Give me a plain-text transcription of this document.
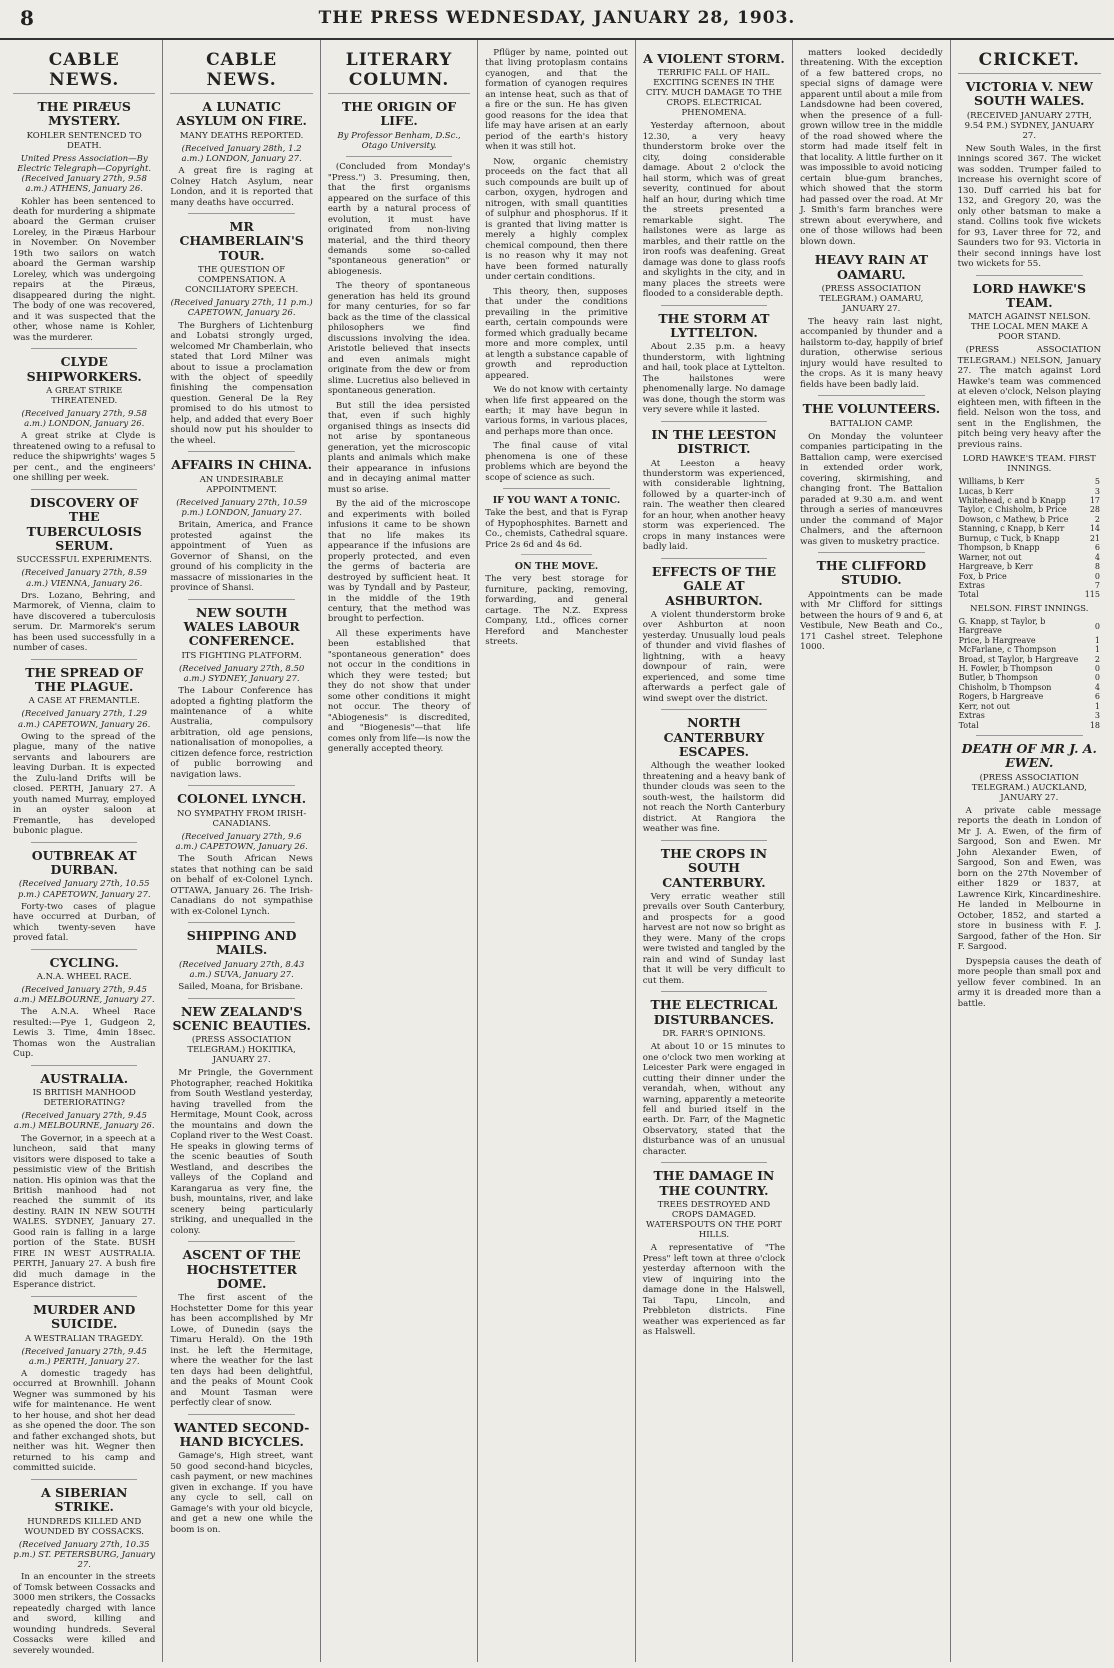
8	THE PRESS WEDNESDAY, JANUARY 28, 1903.
CABLE NEWS.
THE PIRÆUS MYSTERY.
KOHLER SENTENCED TO DEATH.
United Press Association—By Electric Telegraph—Copyright. (Received January 27th, 9.58 a.m.) ATHENS, January 26.

Kohler has been sentenced to death for murdering a shipmate aboard the German cruiser Loreley, in the Piræus Harbour in November. On November 19th two sailors on watch aboard the German warship Loreley, which was undergoing repairs at the Piræus, disappeared during the night. The body of one was recovered, and it was suspected that the other, whose name is Kohler, was the murderer.

CLYDE SHIPWORKERS.
A GREAT STRIKE THREATENED.
(Received January 27th, 9.58 a.m.) LONDON, January 26.

A great strike at Clyde is threatened owing to a refusal to reduce the shipwrights' wages 5 per cent., and the engineers' one shilling per week.

DISCOVERY OF THE TUBERCULOSIS SERUM.
SUCCESSFUL EXPERIMENTS.
(Received January 27th, 8.59 a.m.) VIENNA, January 26.

Drs. Lozano, Behring, and Marmorek, of Vienna, claim to have discovered a tuberculosis serum. Dr. Marmorek's serum has been used successfully in a number of cases.

THE SPREAD OF THE PLAGUE.
A CASE AT FREMANTLE.
(Received January 27th, 1.29 a.m.) CAPETOWN, January 26.

Owing to the spread of the plague, many of the native servants and labourers are leaving Durban. It is expected the Zulu-land Drifts will be closed. PERTH, January 27. A youth named Murray, employed in an oyster saloon at Fremantle, has developed bubonic plague.

OUTBREAK AT DURBAN.
(Received January 27th, 10.55 p.m.) CAPETOWN, January 27.

Forty-two cases of plague have occurred at Durban, of which twenty-seven have proved fatal.

CYCLING.
A.N.A. WHEEL RACE.
(Received January 27th, 9.45 a.m.) MELBOURNE, January 27.

The A.N.A. Wheel Race resulted:—Pye 1, Gudgeon 2, Lewis 3. Time, 4min 18sec. Thomas won the Australian Cup.

AUSTRALIA.
IS BRITISH MANHOOD DETERIORATING?
(Received January 27th, 9.45 a.m.) MELBOURNE, January 26.

The Governor, in a speech at a luncheon, said that many visitors were disposed to take a pessimistic view of the British nation. His opinion was that the British manhood had not reached the summit of its destiny. RAIN IN NEW SOUTH WALES. SYDNEY, January 27. Good rain is falling in a large portion of the State. BUSH FIRE IN WEST AUSTRALIA. PERTH, January 27. A bush fire did much damage in the Esperance district.

MURDER AND SUICIDE.
A WESTRALIAN TRAGEDY.
(Received January 27th, 9.45 a.m.) PERTH, January 27.

A domestic tragedy has occurred at Brownhill. Johann Wegner was summoned by his wife for maintenance. He went to her house, and shot her dead as she opened the door. The son and father exchanged shots, but neither was hit. Wegner then returned to his camp and committed suicide.

A SIBERIAN STRIKE.
HUNDREDS KILLED AND WOUNDED BY COSSACKS.
(Received January 27th, 10.35 p.m.) ST. PETERSBURG, January 27.

In an encounter in the streets of Tomsk between Cossacks and 3000 men strikers, the Cossacks repeatedly charged with lance and sword, killing and wounding hundreds. Several Cossacks were killed and severely wounded.

CABLE NEWS.
A LUNATIC ASYLUM ON FIRE.
MANY DEATHS REPORTED.
(Received January 28th, 1.2 a.m.) LONDON, January 27.

A great fire is raging at Colney Hatch Asylum, near London, and it is reported that many deaths have occurred.

MR CHAMBERLAIN'S TOUR.
THE QUESTION OF COMPENSATION. A CONCILIATORY SPEECH.
(Received January 27th, 11 p.m.) CAPETOWN, January 26.

The Burghers of Lichtenburg and Lobatsi strongly urged, welcomed Mr Chamberlain, who stated that Lord Milner was about to issue a proclamation with the object of speedily finishing the compensation question. General De la Rey promised to do his utmost to help, and added that every Boer should now put his shoulder to the wheel.

AFFAIRS IN CHINA.
AN UNDESIRABLE APPOINTMENT.
(Received January 27th, 10.59 p.m.) LONDON, January 27.

Britain, America, and France protested against the appointment of Yuen as Governor of Shansi, on the ground of his complicity in the massacre of missionaries in the province of Shansi.

NEW SOUTH WALES LABOUR CONFERENCE.
ITS FIGHTING PLATFORM.
(Received January 27th, 8.50 a.m.) SYDNEY, January 27.

The Labour Conference has adopted a fighting platform the maintenance of a white Australia, compulsory arbitration, old age pensions, nationalisation of monopolies, a citizen defence force, restriction of public borrowing and navigation laws.

COLONEL LYNCH.
NO SYMPATHY FROM IRISH-CANADIANS.
(Received January 27th, 9.6 a.m.) CAPETOWN, January 26.

The South African News states that nothing can be said on behalf of ex-Colonel Lynch. OTTAWA, January 26. The Irish-Canadians do not sympathise with ex-Colonel Lynch.

SHIPPING AND MAILS.
(Received January 27th, 8.43 a.m.) SUVA, January 27.

Sailed, Moana, for Brisbane.

NEW ZEALAND'S SCENIC BEAUTIES.
(PRESS ASSOCIATION TELEGRAM.) HOKITIKA, JANUARY 27.

Mr Pringle, the Government Photographer, reached Hokitika from South Westland yesterday, having travelled from the Hermitage, Mount Cook, across the mountains and down the Copland river to the West Coast. He speaks in glowing terms of the scenic beauties of South Westland, and describes the valleys of the Copland and Karangarua as very fine, the bush, mountains, river, and lake scenery being particularly striking, and unequalled in the colony.

ASCENT OF THE HOCHSTETTER DOME.

The first ascent of the Hochstetter Dome for this year has been accomplished by Mr Lowe, of Dunedin (says the Timaru Herald). On the 19th inst. he left the Hermitage, where the weather for the last ten days had been delightful, and the peaks of Mount Cook and Mount Tasman were perfectly clear of snow.

WANTED SECOND-HAND BICYCLES.

Gamage's, High street, want 50 good second-hand bicycles, cash payment, or new machines given in exchange. If you have any cycle to sell, call on Gamage's with your old bicycle, and get a new one while the boom is on.

LITERARY COLUMN.
THE ORIGIN OF LIFE.
By Professor Benham, D.Sc., Otago University.

(Concluded from Monday's "Press.") 3. Presuming, then, that the first organisms appeared on the surface of this earth by a natural process of evolution, it must have originated from non-living material, and the third theory demands some so-called "spontaneous generation" or abiogenesis.

The theory of spontaneous generation has held its ground for many centuries, for so far back as the time of the classical philosophers we find discussions involving the idea. Aristotle believed that insects and even animals might originate from the dew or from slime. Lucretius also believed in spontaneous generation.

But still the idea persisted that, even if such highly organised things as insects did not arise by spontaneous generation, yet the microscopic plants and animals which make their appearance in infusions and in decaying animal matter must so arise.

By the aid of the microscope and experiments with boiled infusions it came to be shown that no life makes its appearance if the infusions are properly protected, and even the germs of bacteria are destroyed by sufficient heat. It was by Tyndall and by Pasteur, in the middle of the 19th century, that the method was brought to perfection.

All these experiments have been established that "spontaneous generation" does not occur in the conditions in which they were tested; but they do not show that under some other conditions it might not occur. The theory of "Abiogenesis" is discredited, and "Biogenesis"—that life comes only from life—is now the generally accepted theory.

Pflüger by name, pointed out that living protoplasm contains cyanogen, and that the formation of cyanogen requires an intense heat, such as that of a fire or the sun. He has given good reasons for the idea that life may have arisen at an early period of the earth's history when it was still hot.

Now, organic chemistry proceeds on the fact that all such compounds are built up of carbon, oxygen, hydrogen and nitrogen, with small quantities of sulphur and phosphorus. If it is granted that living matter is merely a highly complex chemical compound, then there is no reason why it may not have been formed naturally under certain conditions.

This theory, then, supposes that under the conditions prevailing in the primitive earth, certain compounds were formed which gradually became more and more complex, until at length a substance capable of growth and reproduction appeared.

We do not know with certainty when life first appeared on the earth; it may have begun in various forms, in various places, and perhaps more than once.

The final cause of vital phenomena is one of these problems which are beyond the scope of science as such.

IF YOU WANT A TONIC.

Take the best, and that is Fyrap of Hypophosphites. Barnett and Co., chemists, Cathedral square. Price 2s 6d and 4s 6d.

ON THE MOVE.

The very best storage for furniture, packing, removing, forwarding, and general cartage. The N.Z. Express Company, Ltd., offices corner Hereford and Manchester streets.

A VIOLENT STORM.
TERRIFIC FALL OF HAIL. EXCITING SCENES IN THE CITY. MUCH DAMAGE TO THE CROPS. ELECTRICAL PHENOMENA.

Yesterday afternoon, about 12.30, a very heavy thunderstorm broke over the city, doing considerable damage. About 2 o'clock the hail storm, which was of great severity, continued for about half an hour, during which time the streets presented a remarkable sight. The hailstones were as large as marbles, and their rattle on the iron roofs was deafening. Great damage was done to glass roofs and skylights in the city, and in many places the streets were flooded to a considerable depth.

THE STORM AT LYTTELTON.

About 2.35 p.m. a heavy thunderstorm, with lightning and hail, took place at Lyttelton. The hailstones were phenomenally large. No damage was done, though the storm was very severe while it lasted.

IN THE LEESTON DISTRICT.

At Leeston a heavy thunderstorm was experienced, with considerable lightning, followed by a quarter-inch of rain. The weather then cleared for an hour, when another heavy storm was experienced. The crops in many instances were badly laid.

EFFECTS OF THE GALE AT ASHBURTON.

A violent thunderstorm broke over Ashburton at noon yesterday. Unusually loud peals of thunder and vivid flashes of lightning, with a heavy downpour of rain, were experienced, and some time afterwards a perfect gale of wind swept over the district.

NORTH CANTERBURY ESCAPES.

Although the weather looked threatening and a heavy bank of thunder clouds was seen to the south-west, the hailstorm did not reach the North Canterbury district. At Rangiora the weather was fine.

THE CROPS IN SOUTH CANTERBURY.

Very erratic weather still prevails over South Canterbury, and prospects for a good harvest are not now so bright as they were. Many of the crops were twisted and tangled by the rain and wind of Sunday last that it will be very difficult to cut them.

THE ELECTRICAL DISTURBANCES.
DR. FARR'S OPINIONS.

At about 10 or 15 minutes to one o'clock two men working at Leicester Park were engaged in cutting their dinner under the verandah, when, without any warning, apparently a meteorite fell and buried itself in the earth. Dr. Farr, of the Magnetic Observatory, stated that the disturbance was of an unusual character.

THE DAMAGE IN THE COUNTRY.
TREES DESTROYED AND CROPS DAMAGED. WATERSPOUTS ON THE PORT HILLS.

A representative of "The Press" left town at three o'clock yesterday afternoon with the view of inquiring into the damage done in the Halswell, Tai Tapu, Lincoln, and Prebbleton districts. Fine weather was experienced as far as Halswell.

matters looked decidedly threatening. With the exception of a few battered crops, no special signs of damage were apparent until about a mile from Landsdowne had been covered, when the presence of a full-grown willow tree in the middle of the road showed where the storm had made itself felt in that locality. A little further on it was impossible to avoid noticing certain blue-gum branches, which showed that the storm had passed over the road. At Mr J. Smith's farm branches were strewn about everywhere, and one of those willows had been blown down.

HEAVY RAIN AT OAMARU.
(PRESS ASSOCIATION TELEGRAM.) OAMARU, JANUARY 27.

The heavy rain last night, accompanied by thunder and a hailstorm to-day, happily of brief duration, otherwise serious injury would have resulted to the crops. As it is many heavy fields have been badly laid.

THE VOLUNTEERS.
BATTALION CAMP.

On Monday the volunteer companies participating in the Battalion camp, were exercised in extended order work, covering, skirmishing, and changing front. The Battalion paraded at 9.30 a.m. and went through a series of manœuvres under the command of Major Chalmers, and the afternoon was given to musketry practice.

THE CLIFFORD STUDIO.

Appointments can be made with Mr Clifford for sittings between the hours of 9 and 6, at Vestibule, New Beath and Co., 171 Cashel street. Telephone 1000.

CRICKET.
VICTORIA V. NEW SOUTH WALES.
(RECEIVED JANUARY 27TH, 9.54 P.M.) SYDNEY, JANUARY 27.

New South Wales, in the first innings scored 367. The wicket was sodden. Trumper failed to increase his overnight score of 130. Duff carried his bat for 132, and Gregory 20, was the only other batsman to make a stand. Collins took five wickets for 93, Laver three for 72, and Saunders two for 93. Victoria in their second innings have lost two wickets for 55.

LORD HAWKE'S TEAM.
MATCH AGAINST NELSON. THE LOCAL MEN MAKE A POOR STAND.

(PRESS ASSOCIATION TELEGRAM.) NELSON, January 27. The match against Lord Hawke's team was commenced at eleven o'clock, Nelson playing eighteen men, with fifteen in the field. Nelson won the toss, and sent in the Englishmen, the pitch being very heavy after the previous rains.

LORD HAWKE'S TEAM. FIRST INNINGS.
Williams, b Kerr	5
Lucas, b Kerr	3
Whitehead, c and b Knapp	17
Taylor, c Chisholm, b Price	28
Dowson, c Mathew, b Price	2
Stanning, c Knapp, b Kerr	14
Burnup, c Tuck, b Knapp	21
Thompson, b Knapp	6
Warner, not out	4
Hargreave, b Kerr	8
Fox, b Price	0
Extras	7
Total	115
NELSON. FIRST INNINGS.
G. Knapp, st Taylor, b Hargreave	0
Price, b Hargreave	1
McFarlane, c Thompson	1
Broad, st Taylor, b Hargreave	2
H. Fowler, b Thompson	0
Butler, b Thompson	0
Chisholm, b Thompson	4
Rogers, b Hargreave	6
Kerr, not out	1
Extras	3
Total	18
DEATH OF MR J. A. EWEN.
(PRESS ASSOCIATION TELEGRAM.) AUCKLAND, JANUARY 27.

A private cable message reports the death in London of Mr J. A. Ewen, of the firm of Sargood, Son and Ewen. Mr John Alexander Ewen, of Sargood, Son and Ewen, was born on the 27th November of either 1829 or 1837, at Lawrence Kirk, Kincardineshire. He landed in Melbourne in October, 1852, and started a store in business with F. J. Sargood, father of the Hon. Sir F. Sargood.

Dyspepsia causes the death of more people than small pox and yellow fever combined. In an army it is dreaded more than a battle.
